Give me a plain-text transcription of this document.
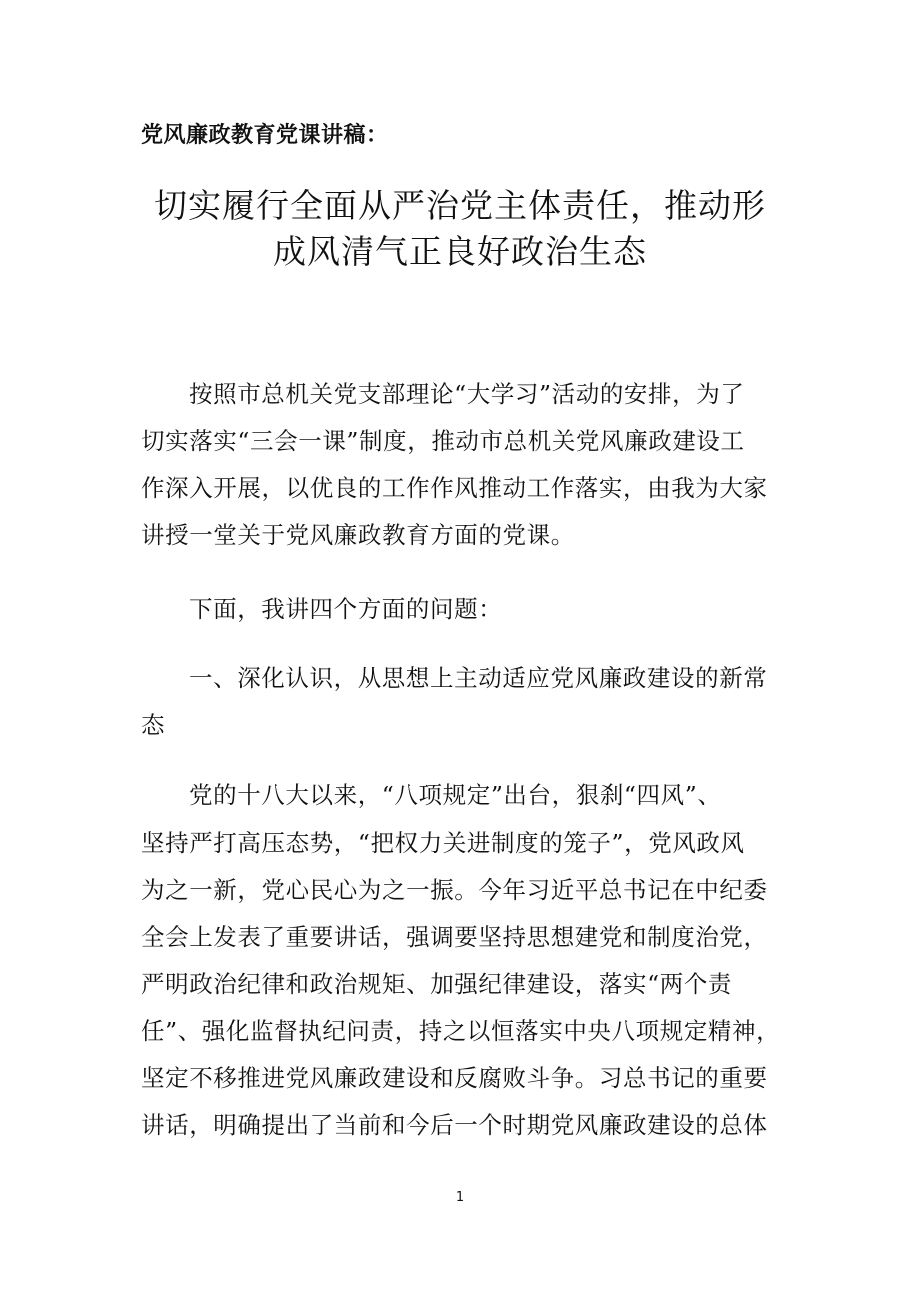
党风廉政教育党课讲稿：
切实履行全面从严治党主体责任，推动形
成风清气正良好政治生态
按照市总机关党支部理论“大学习”活动的安排，为了
切实落实“三会一课”制度，推动市总机关党风廉政建设工
作深入开展，以优良的工作作风推动工作落实，由我为大家
讲授一堂关于党风廉政教育方面的党课。
下面，我讲四个方面的问题：
一、深化认识，从思想上主动适应党风廉政建设的新常
态
党的十八大以来，“八项规定”出台，狠刹“四风”、
坚持严打高压态势，“把权力关进制度的笼子”，党风政风
为之一新，党心民心为之一振。今年习近平总书记在中纪委
全会上发表了重要讲话，强调要坚持思想建党和制度治党，
严明政治纪律和政治规矩、加强纪律建设，落实“两个责
任”、强化监督执纪问责，持之以恒落实中央八项规定精神，
坚定不移推进党风廉政建设和反腐败斗争。习总书记的重要
讲话，明确提出了当前和今后一个时期党风廉政建设的总体
1
